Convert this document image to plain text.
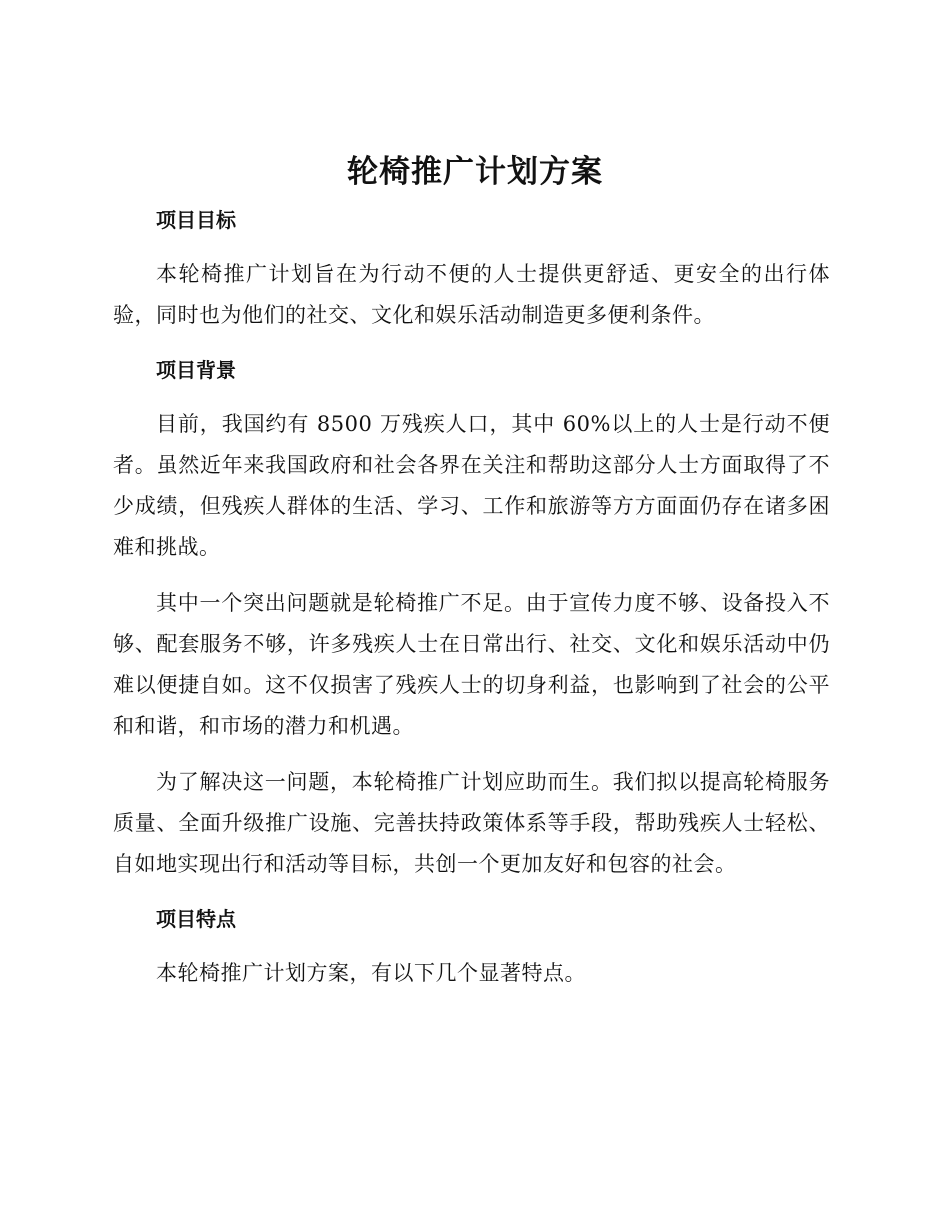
轮椅推广计划方案
项目目标

本轮椅推广计划旨在为行动不便的人士提供更舒适、更安全的出行体验，同时也为他们的社交、文化和娱乐活动制造更多便利条件。

项目背景

目前，我国约有 8500 万残疾人口，其中 60%以上的人士是行动不便者。虽然近年来我国政府和社会各界在关注和帮助这部分人士方面取得了不少成绩，但残疾人群体的生活、学习、工作和旅游等方方面面仍存在诸多困难和挑战。

其中一个突出问题就是轮椅推广不足。由于宣传力度不够、设备投入不够、配套服务不够，许多残疾人士在日常出行、社交、文化和娱乐活动中仍难以便捷自如。这不仅损害了残疾人士的切身利益，也影响到了社会的公平和和谐，和市场的潜力和机遇。

为了解决这一问题，本轮椅推广计划应助而生。我们拟以提高轮椅服务质量、全面升级推广设施、完善扶持政策体系等手段，帮助残疾人士轻松、自如地实现出行和活动等目标，共创一个更加友好和包容的社会。

项目特点

本轮椅推广计划方案，有以下几个显著特点。
